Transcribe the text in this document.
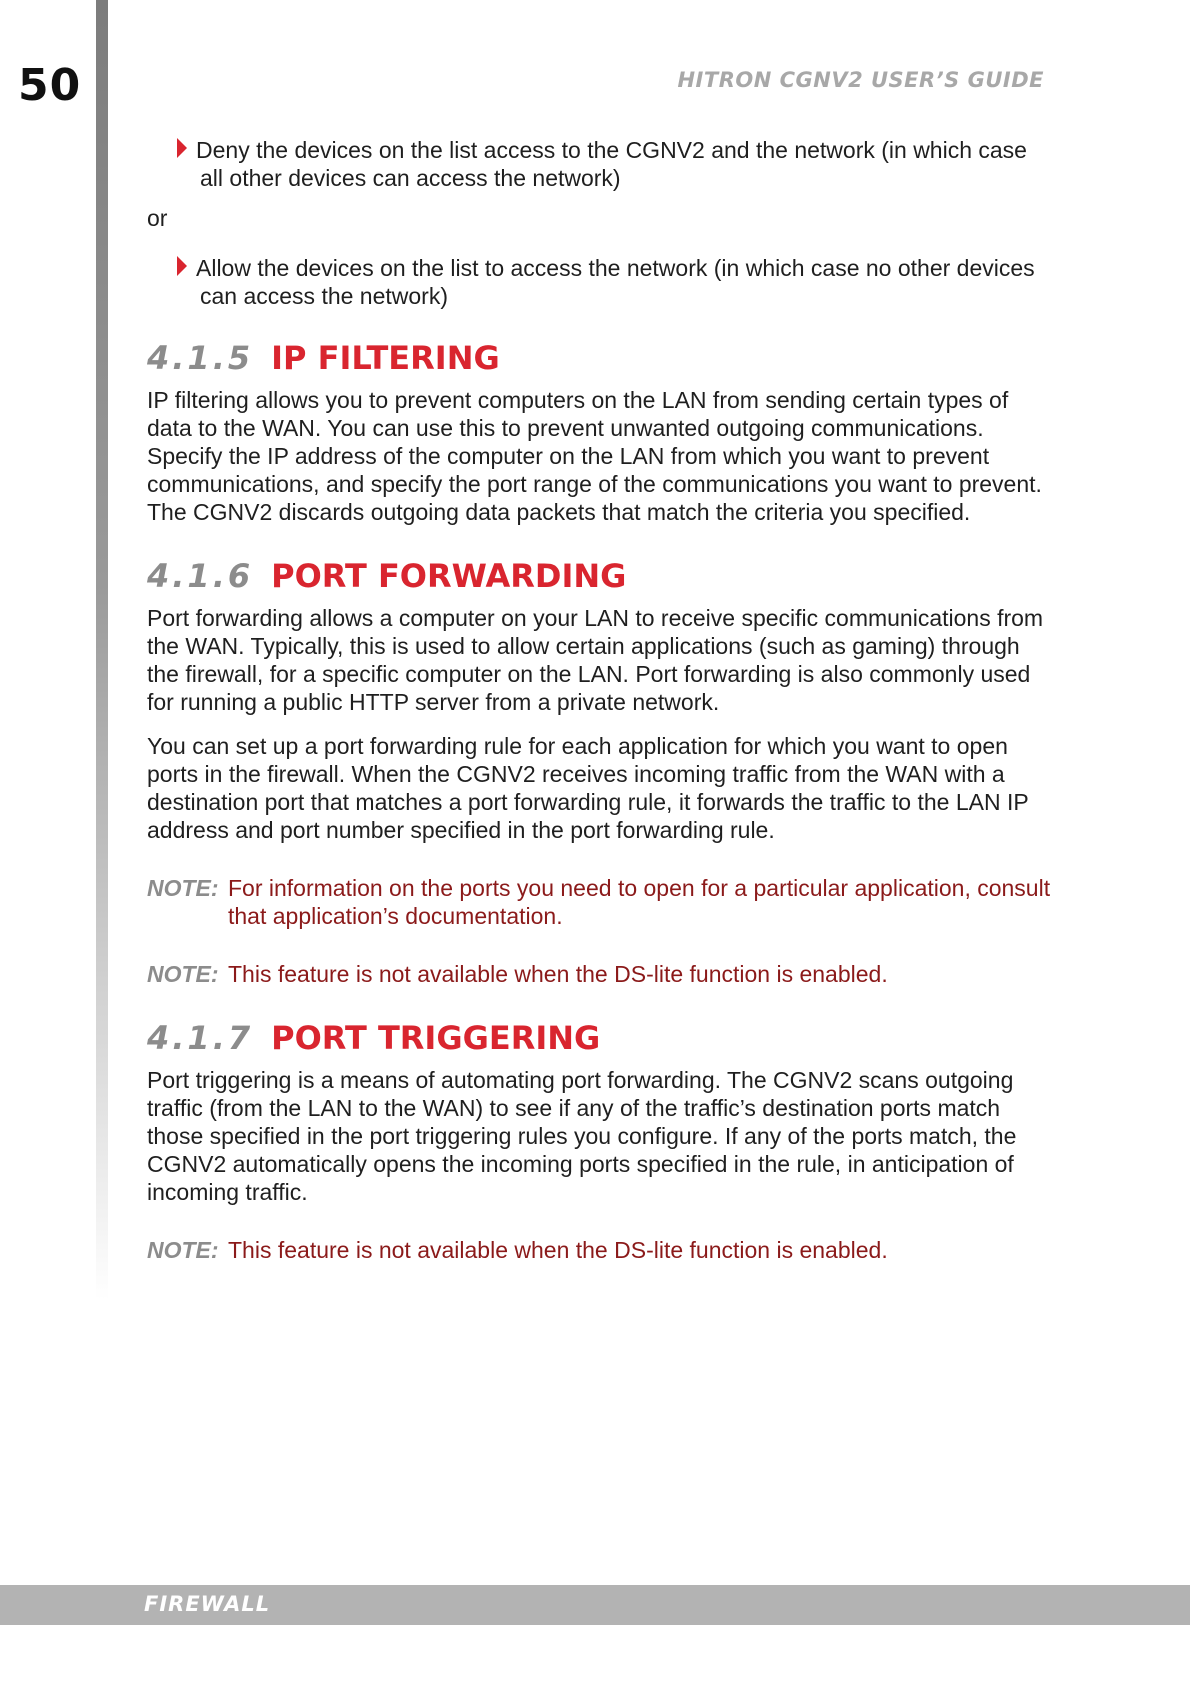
50	HITRON CGNV2 USER’S GUIDE
Deny the devices on the list access to the CGNV2 and the network (in which case all other devices can access the network)
or
Allow the devices on the list to access the network (in which case no other devices can access the network)
4.1.5 IP FILTERING

IP filtering allows you to prevent computers on the LAN from sending certain types of data to the WAN. You can use this to prevent unwanted outgoing communications. Specify the IP address of the computer on the LAN from which you want to prevent communications, and specify the port range of the communications you want to prevent. The CGNV2 discards outgoing data packets that match the criteria you specified.

4.1.6 PORT FORWARDING

Port forwarding allows a computer on your LAN to receive specific communications from the WAN. Typically, this is used to allow certain applications (such as gaming) through the firewall, for a specific computer on the LAN. Port forwarding is also commonly used for running a public HTTP server from a private network.

You can set up a port forwarding rule for each application for which you want to open ports in the firewall. When the CGNV2 receives incoming traffic from the WAN with a destination port that matches a port forwarding rule, it forwards the traffic to the LAN IP address and port number specified in the port forwarding rule.

NOTE: For information on the ports you need to open for a particular application, consult that application’s documentation.
NOTE: This feature is not available when the DS-lite function is enabled.
4.1.7 PORT TRIGGERING

Port triggering is a means of automating port forwarding. The CGNV2 scans outgoing traffic (from the LAN to the WAN) to see if any of the traffic’s destination ports match those specified in the port triggering rules you configure. If any of the ports match, the CGNV2 automatically opens the incoming ports specified in the rule, in anticipation of incoming traffic.

NOTE: This feature is not available when the DS-lite function is enabled.
FIREWALL
